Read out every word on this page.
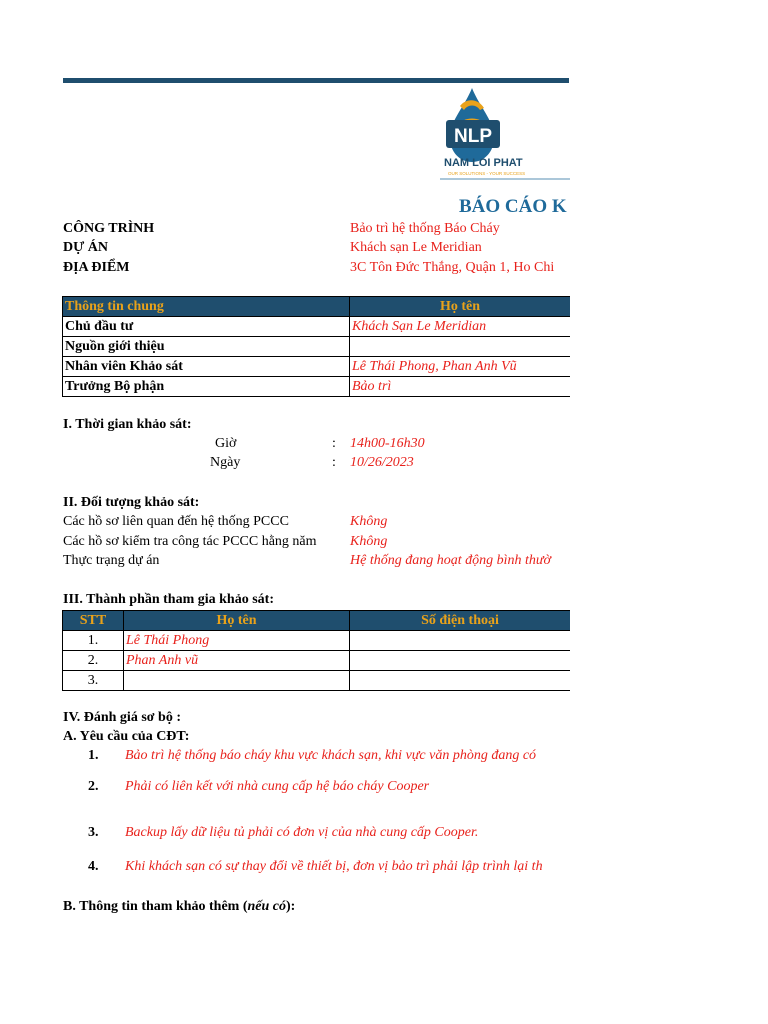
NLP
NAM LOI PHAT
OUR SOLUTIONS - YOUR SUCCESS
BÁO CÁO K
CÔNG TRÌNH	Bảo trì hệ thống Báo Cháy
DỰ ÁN	Khách sạn Le Meridian
ĐỊA ĐIỂM	3C Tôn Đức Thắng, Quận 1, Ho Chi
Thông tin chung	Họ tên
Chủ đầu tư	Khách Sạn Le Meridian
Nguồn giới thiệu	
Nhân viên Khảo sát	Lê Thái Phong, Phan Anh Vũ
Trưởng Bộ phận	Bảo trì
I. Thời gian khảo sát:
Giờ	: 14h00-16h30
Ngày	: 10/26/2023
II. Đối tượng khảo sát:
Các hồ sơ liên quan đến hệ thống PCCC	Không
Các hồ sơ kiểm tra công tác PCCC hằng năm Không
Thực trạng dự án	Hệ thống đang hoạt động bình thườ
III. Thành phần tham gia khảo sát:
STT	Họ tên	Số điện thoại
1.	Lê Thái Phong	
2.	Phan Anh vũ	
3.		
IV. Đánh giá sơ bộ :
A. Yêu cầu của CĐT:
1. Bảo trì hệ thống báo cháy khu vực khách sạn, khi vực văn phòng đang có
2. Phải có liên kết với nhà cung cấp hệ báo cháy Cooper
3. Backup lấy dữ liệu tủ phải có đơn vị của nhà cung cấp Cooper.
4. Khi khách sạn có sự thay đổi về thiết bị, đơn vị bảo trì phải lập trình lại th
B. Thông tin tham khảo thêm (nếu có):
